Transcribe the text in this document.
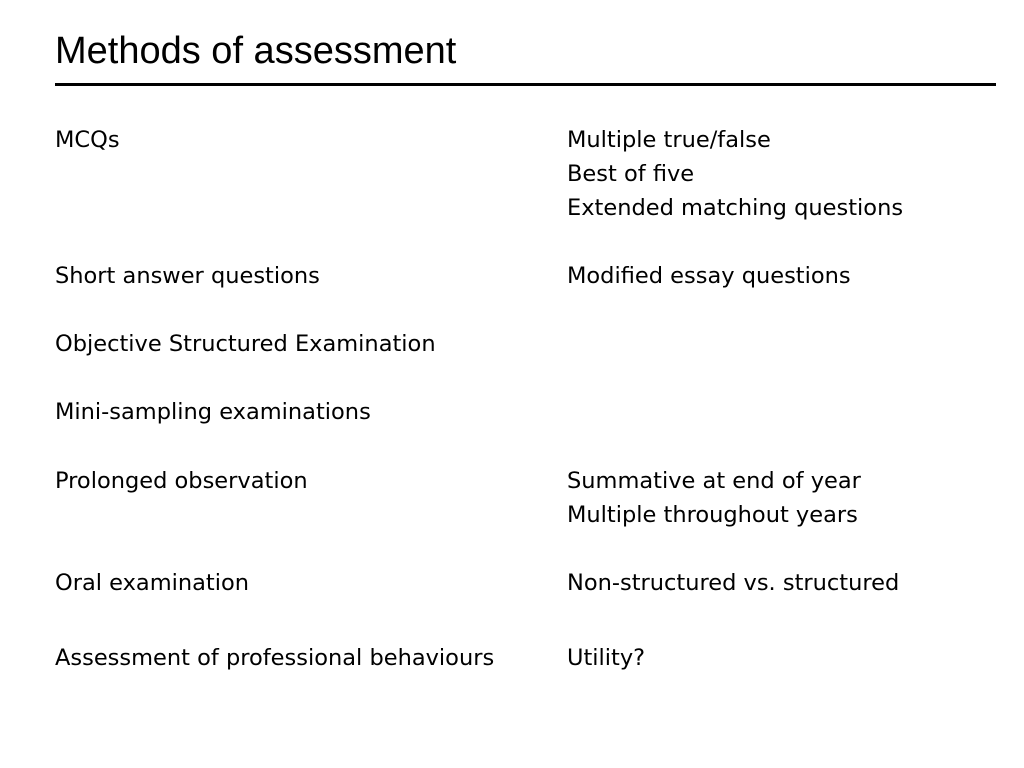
Methods of assessment

MCQs	Multiple true/false
Best of five
Extended matching questions

Short answer questions	Modified essay questions

Objective Structured Examination

Mini-sampling examinations

Prolonged observation	Summative at end of year
Multiple throughout years

Oral examination	Non-structured vs. structured

Assessment of professional behaviours	Utility?
